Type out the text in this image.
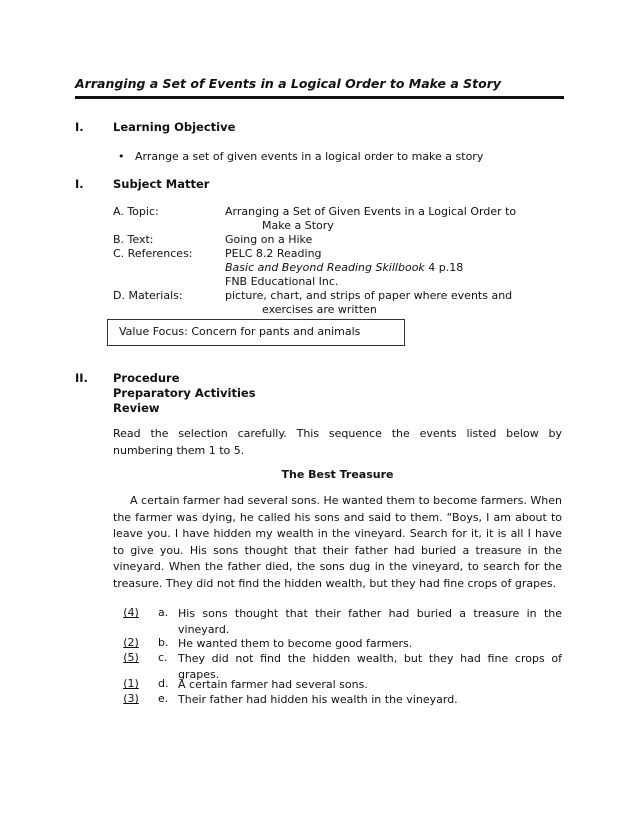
Arranging a Set of Events in a Logical Order to Make a Story
I.	Learning Objective
•   Arrange a set of given events in a logical order to make a story
I.	Subject Matter
A. Topic:	Arranging a Set of Given Events in a Logical Order to
Make a Story
B. Text:	Going on a Hike
C. References:	PELC 8.2 Reading
Basic and Beyond Reading Skillbook 4 p.18
FNB Educational Inc.
D. Materials:	picture, chart, and strips of paper where events and
exercises are written
Value Focus: Concern for pants and animals
II. Procedure
Preparatory Activities
Review
Read the selection carefully. This sequence the events listed below by numbering them 1 to 5.
The Best Treasure
A certain farmer had several sons. He wanted them to become farmers. When the farmer was dying, he called his sons and said to them. “Boys, I am about to leave you. I have hidden my wealth in the vineyard. Search for it, it is all I have to give you. His sons thought that their father had buried a treasure in the vineyard. When the father died, the sons dug in the vineyard, to search for the treasure. They did not find the hidden wealth, but they had fine crops of grapes.
(4)	a. His sons thought that their father had buried a treasure in the vineyard.
(2)	b. He wanted them to become good farmers.
(5)	c. They did not find the hidden wealth, but they had fine crops of grapes.
(1)	d. A certain farmer had several sons.
(3)	e. Their father had hidden his wealth in the vineyard.
